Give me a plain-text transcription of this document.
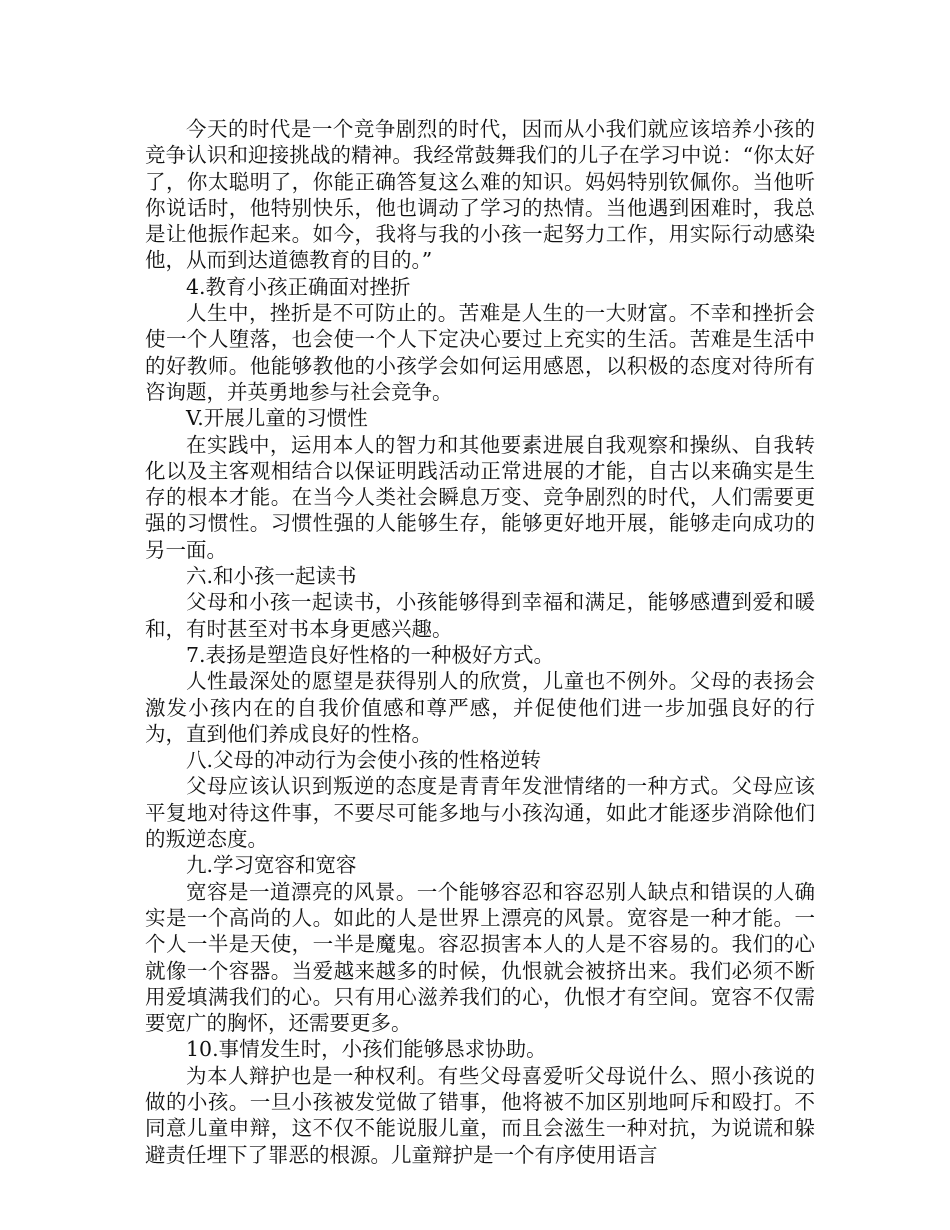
今天的时代是一个竞争剧烈的时代，因而从小我们就应该培养小孩的竞争认识和迎接挑战的精神。我经常鼓舞我们的儿子在学习中说：“你太好了，你太聪明了，你能正确答复这么难的知识。妈妈特别钦佩你。当他听你说话时，他特别快乐，他也调动了学习的热情。当他遇到困难时，我总是让他振作起来。如今，我将与我的小孩一起努力工作，用实际行动感染他，从而到达道德教育的目的。”

4.教育小孩正确面对挫折

人生中，挫折是不可防止的。苦难是人生的一大财富。不幸和挫折会使一个人堕落，也会使一个人下定决心要过上充实的生活。苦难是生活中的好教师。他能够教他的小孩学会如何运用感恩，以积极的态度对待所有咨询题，并英勇地参与社会竞争。

V.开展儿童的习惯性

在实践中，运用本人的智力和其他要素进展自我观察和操纵、自我转化以及主客观相结合以保证明践活动正常进展的才能，自古以来确实是生存的根本才能。在当今人类社会瞬息万变、竞争剧烈的时代，人们需要更强的习惯性。习惯性强的人能够生存，能够更好地开展，能够走向成功的另一面。

六.和小孩一起读书

父母和小孩一起读书，小孩能够得到幸福和满足，能够感遭到爱和暖和，有时甚至对书本身更感兴趣。

7.表扬是塑造良好性格的一种极好方式。

人性最深处的愿望是获得别人的欣赏，儿童也不例外。父母的表扬会激发小孩内在的自我价值感和尊严感，并促使他们进一步加强良好的行为，直到他们养成良好的性格。

八.父母的冲动行为会使小孩的性格逆转

父母应该认识到叛逆的态度是青青年发泄情绪的一种方式。父母应该平复地对待这件事，不要尽可能多地与小孩沟通，如此才能逐步消除他们的叛逆态度。

九.学习宽容和宽容

宽容是一道漂亮的风景。一个能够容忍和容忍别人缺点和错误的人确实是一个高尚的人。如此的人是世界上漂亮的风景。宽容是一种才能。一个人一半是天使，一半是魔鬼。容忍损害本人的人是不容易的。我们的心就像一个容器。当爱越来越多的时候，仇恨就会被挤出来。我们必须不断用爱填满我们的心。只有用心滋养我们的心，仇恨才有空间。宽容不仅需要宽广的胸怀，还需要更多。

10.事情发生时，小孩们能够恳求协助。

为本人辩护也是一种权利。有些父母喜爱听父母说什么、照小孩说的做的小孩。一旦小孩被发觉做了错事，他将被不加区别地呵斥和殴打。不同意儿童申辩，这不仅不能说服儿童，而且会滋生一种对抗，为说谎和躲避责任埋下了罪恶的根源。儿童辩护是一个有序使用语言
